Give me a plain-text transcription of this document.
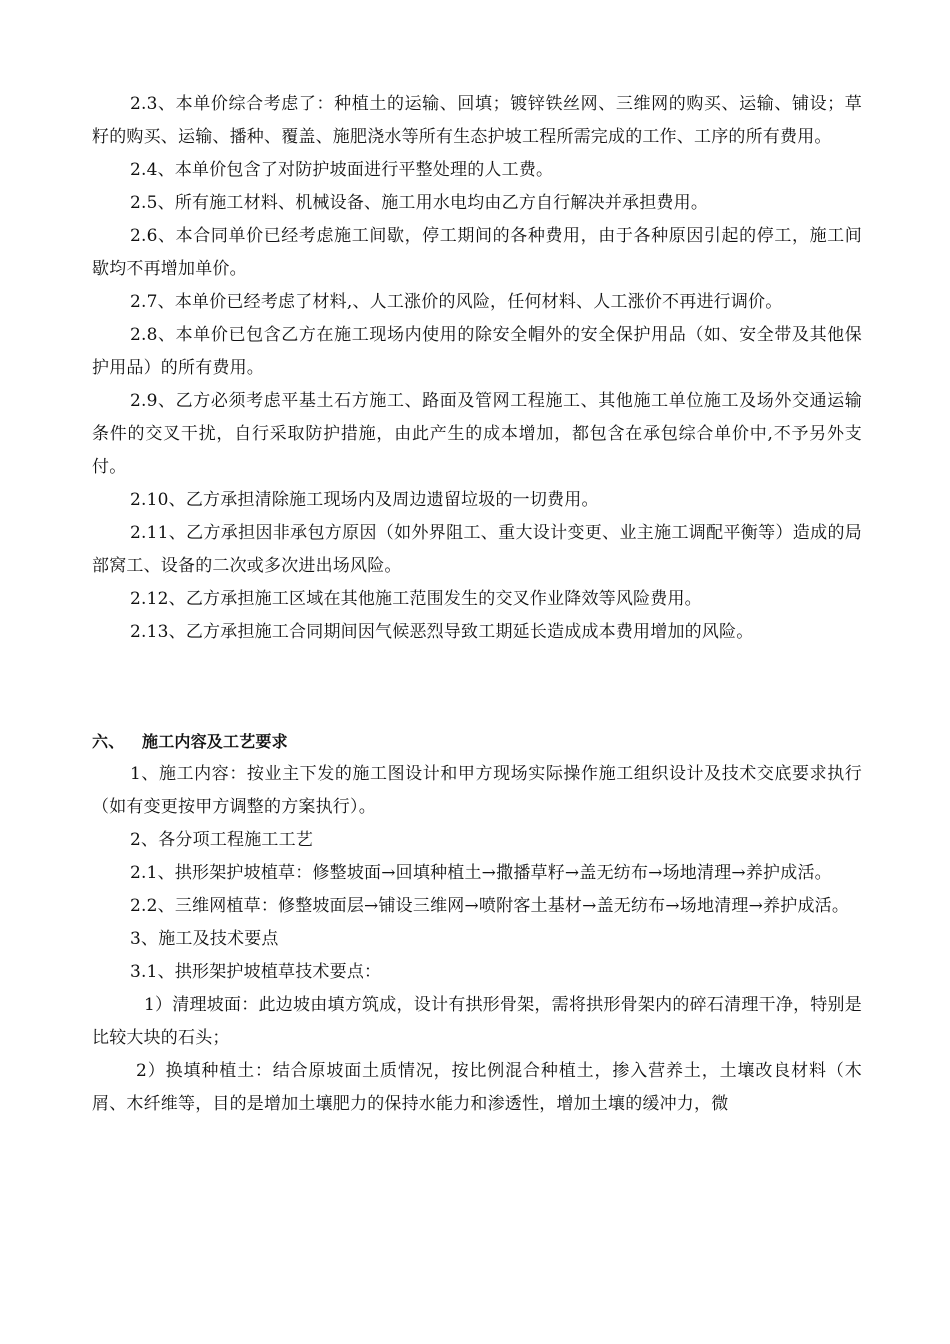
2.3、本单价综合考虑了：种植土的运输、回填；镀锌铁丝网、三维网的购买、运输、铺设；草籽的购买、运输、播种、覆盖、施肥浇水等所有生态护坡工程所需完成的工作、工序的所有费用。

2.4、本单价包含了对防护坡面进行平整处理的人工费。

2.5、所有施工材料、机械设备、施工用水电均由乙方自行解决并承担费用。

2.6、本合同单价已经考虑施工间歇，停工期间的各种费用，由于各种原因引起的停工，施工间歇均不再增加单价。

2.7、本单价已经考虑了材料,、人工涨价的风险，任何材料、人工涨价不再进行调价。

2.8、本单价已包含乙方在施工现场内使用的除安全帽外的安全保护用品（如、安全带及其他保护用品）的所有费用。

2.9、乙方必须考虑平基土石方施工、路面及管网工程施工、其他施工单位施工及场外交通运输条件的交叉干扰，自行采取防护措施，由此产生的成本增加，都包含在承包综合单价中,不予另外支付。

2.10、乙方承担清除施工现场内及周边遗留垃圾的一切费用。

2.11、乙方承担因非承包方原因（如外界阻工、重大设计变更、业主施工调配平衡等）造成的局部窝工、设备的二次或多次进出场风险。

2.12、乙方承担施工区域在其他施工范围发生的交叉作业降效等风险费用。

2.13、乙方承担施工合同期间因气候恶烈导致工期延长造成成本费用增加的风险。

六、 施工内容及工艺要求

1、施工内容：按业主下发的施工图设计和甲方现场实际操作施工组织设计及技术交底要求执行（如有变更按甲方调整的方案执行）。

2、各分项工程施工工艺

2.1、拱形架护坡植草：修整坡面→回填种植土→撒播草籽→盖无纺布→场地清理→养护成活。

2.2、三维网植草：修整坡面层→铺设三维网→喷附客土基材→盖无纺布→场地清理→养护成活。

3、施工及技术要点

3.1、拱形架护坡植草技术要点：

1）清理坡面：此边坡由填方筑成，设计有拱形骨架，需将拱形骨架内的碎石清理干净，特别是比较大块的石头；

2）换填种植土：结合原坡面土质情况，按比例混合种植土，掺入营养土，土壤改良材料（木屑、木纤维等，目的是增加土壤肥力的保持水能力和渗透性，增加土壤的缓冲力，微
